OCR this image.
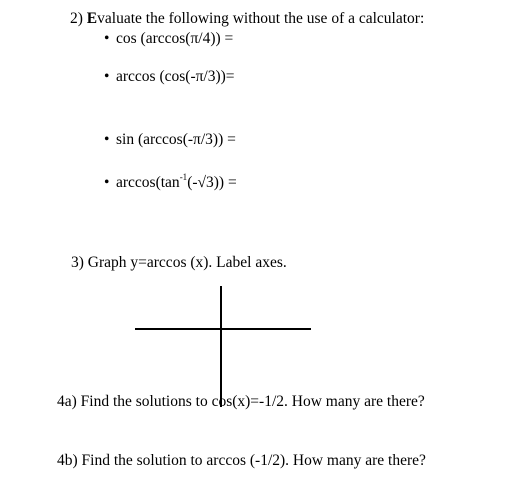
2) Evaluate the following without the use of a calculator:
• cos (arccos(π/4)) =
• arccos (cos(-π/3))=
• sin (arccos(-π/3)) =
• $\arccos(\tan^{-1}(-√3))$ =
3) Graph y=arccos (x). Label axes.
4a) Find the solutions to cos(x)=-1/2. How many are there?
4b) Find the solution to arccos (-1/2). How many are there?
